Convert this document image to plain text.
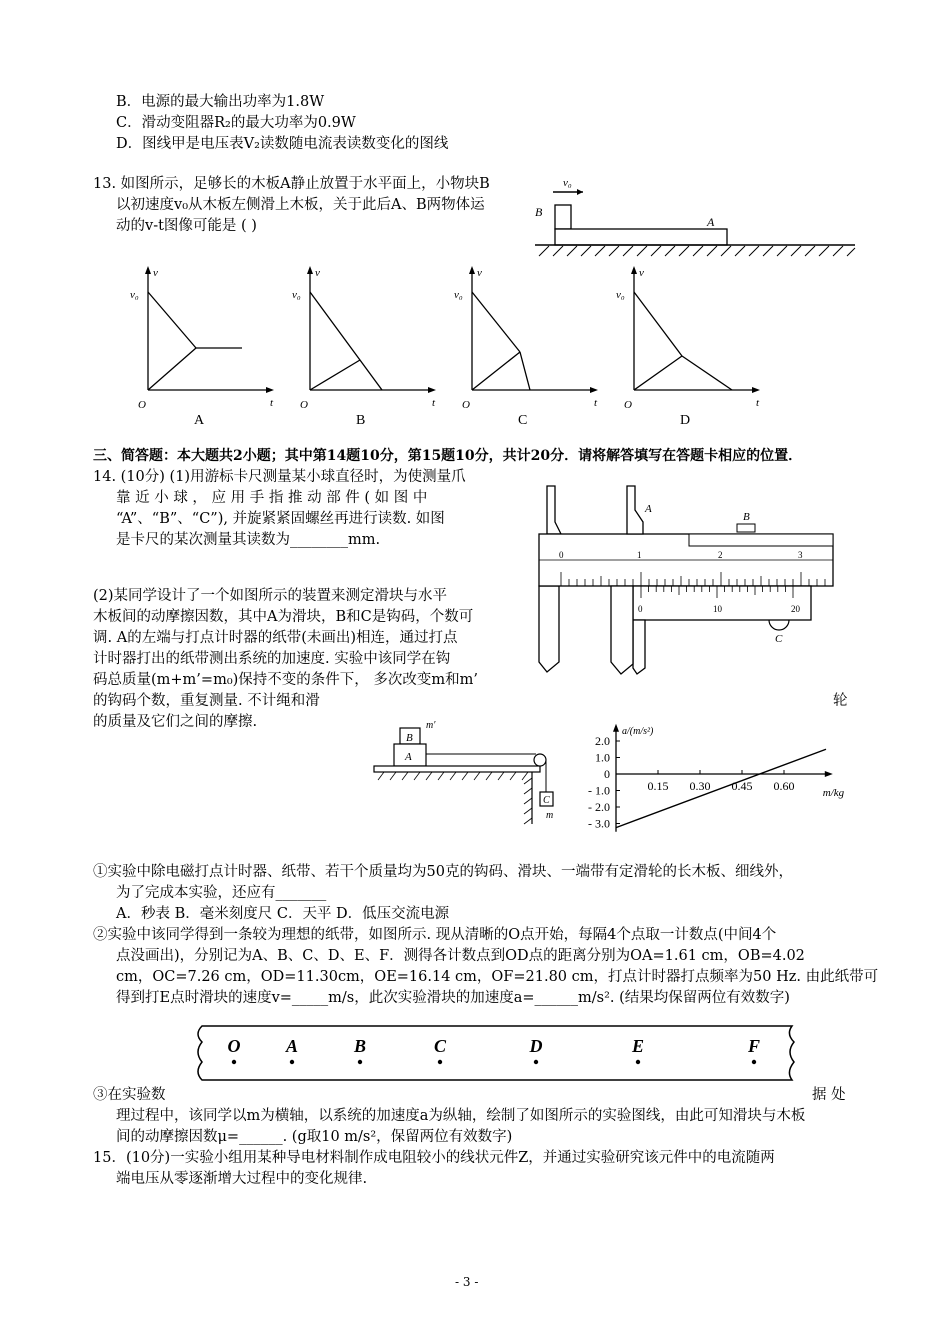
B．电源的最大输出功率为1.8W
C．滑动变阻器R₂的最大功率为0.9W
D．图线甲是电压表V₂读数随电流表读数变化的图线
13. 如图所示，足够长的木板A静止放置于水平面上，小物块B
以初速度v₀从木板左侧滑上木板，关于此后A、B两物体运
动的v-t图像可能是 ( )
v₀
B
A
v
v₀
O	t
A
v
v₀
O	t
B
v
v₀
O	t
C
v
v₀
O	t
D
三、简答题：本大题共2小题；其中第14题10分，第15题10分，共计20分．请将解答填写在答题卡相应的位置．
14. (10分) (1)用游标卡尺测量某小球直径时，为使测量爪
靠 近 小 球 ， 应 用 手 指 推 动 部 件 ( 如 图 中
“A”、“B”、“C”), 并旋紧紧固螺丝再进行读数. 如图
是卡尺的某次测量其读数为________mm.
A
B
0	1	2	3
0	10	20
C
(2)某同学设计了一个如图所示的装置来测定滑块与水平
木板间的动摩擦因数，其中A为滑块，B和C是钩码，个数可
调. A的左端与打点计时器的纸带(未画出)相连，通过打点
计时器打出的纸带测出系统的加速度. 实验中该同学在钩
码总质量(m+m’=m₀)保持不变的条件下， 多次改变m和m’
的钩码个数，重复测量. 不计绳和滑	轮
的质量及它们之间的摩擦.
B
m′
A
C
m
a/(m/s²)
2.0
1.0
0
- 1.0
- 2.0
- 3.0
0.15 0.30 0.45 0.60	m/kg
①实验中除电磁打点计时器、纸带、若干个质量均为50克的钩码、滑块、一端带有定滑轮的长木板、细线外，
为了完成本实验，还应有_______
A．秒表 B．毫米刻度尺 C．天平 D．低压交流电源
②实验中该同学得到一条较为理想的纸带，如图所示. 现从清晰的O点开始，每隔4个点取一计数点(中间4个
点没画出)，分别记为A、B、C、D、E、F．测得各计数点到OD点的距离分别为OA=1.61 cm，OB=4.02
cm，OC=7.26 cm，OD=11.30cm，OE=16.14 cm，OF=21.80 cm，打点计时器打点频率为50 Hz. 由此纸带可
得到打E点时滑块的速度v=_____m/s，此次实验滑块的加速度a=______m/s². (结果均保留两位有效数字)
O	A	B	C	D	E	F
③在实验数	据 处
理过程中，该同学以m为横轴，以系统的加速度a为纵轴，绘制了如图所示的实验图线，由此可知滑块与木板
间的动摩擦因数μ=______. (g取10 m/s²，保留两位有效数字)
15．(10分)一实验小组用某种导电材料制作成电阻较小的线状元件Z，并通过实验研究该元件中的电流随两
端电压从零逐渐增大过程中的变化规律.
- 3 -
